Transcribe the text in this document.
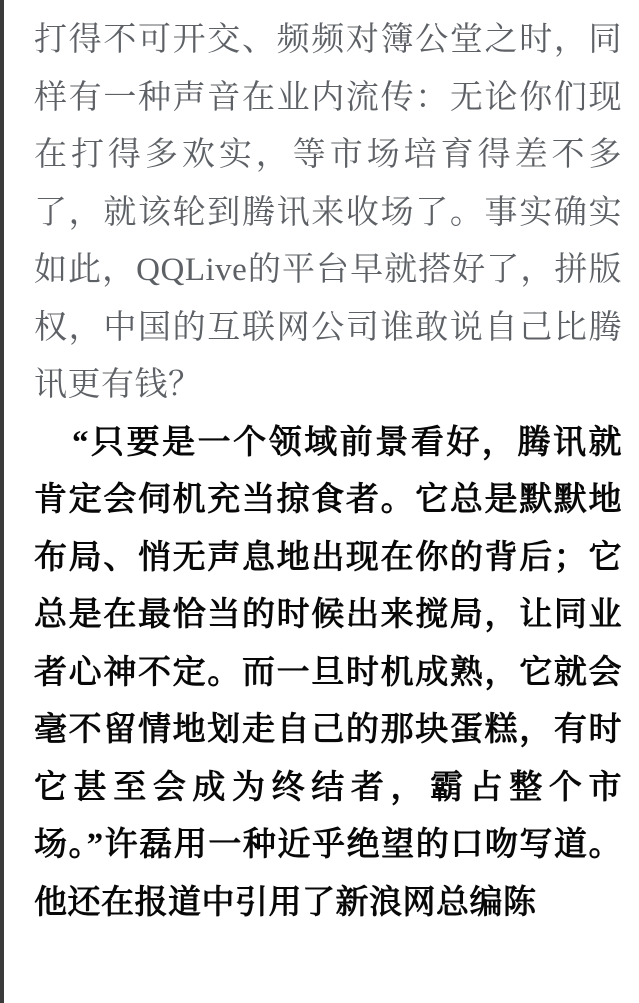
打得不可开交、频频对簿公堂之时，同样有一种声音在业内流传：无论你们现在打得多欢实，等市场培育得差不多了，就该轮到腾讯来收场了。事实确实如此，QQLive的平台早就搭好了，拼版权，中国的互联网公司谁敢说自己比腾讯更有钱？

“只要是一个领域前景看好，腾讯就肯定会伺机充当掠食者。它总是默默地布局、悄无声息地出现在你的背后；它总是在最恰当的时候出来搅局，让同业者心神不定。而一旦时机成熟，它就会毫不留情地划走自己的那块蛋糕，有时它甚至会成为终结者，霸占整个市场。”许磊用一种近乎绝望的口吻写道。他还在报道中引用了新浪网总编陈
